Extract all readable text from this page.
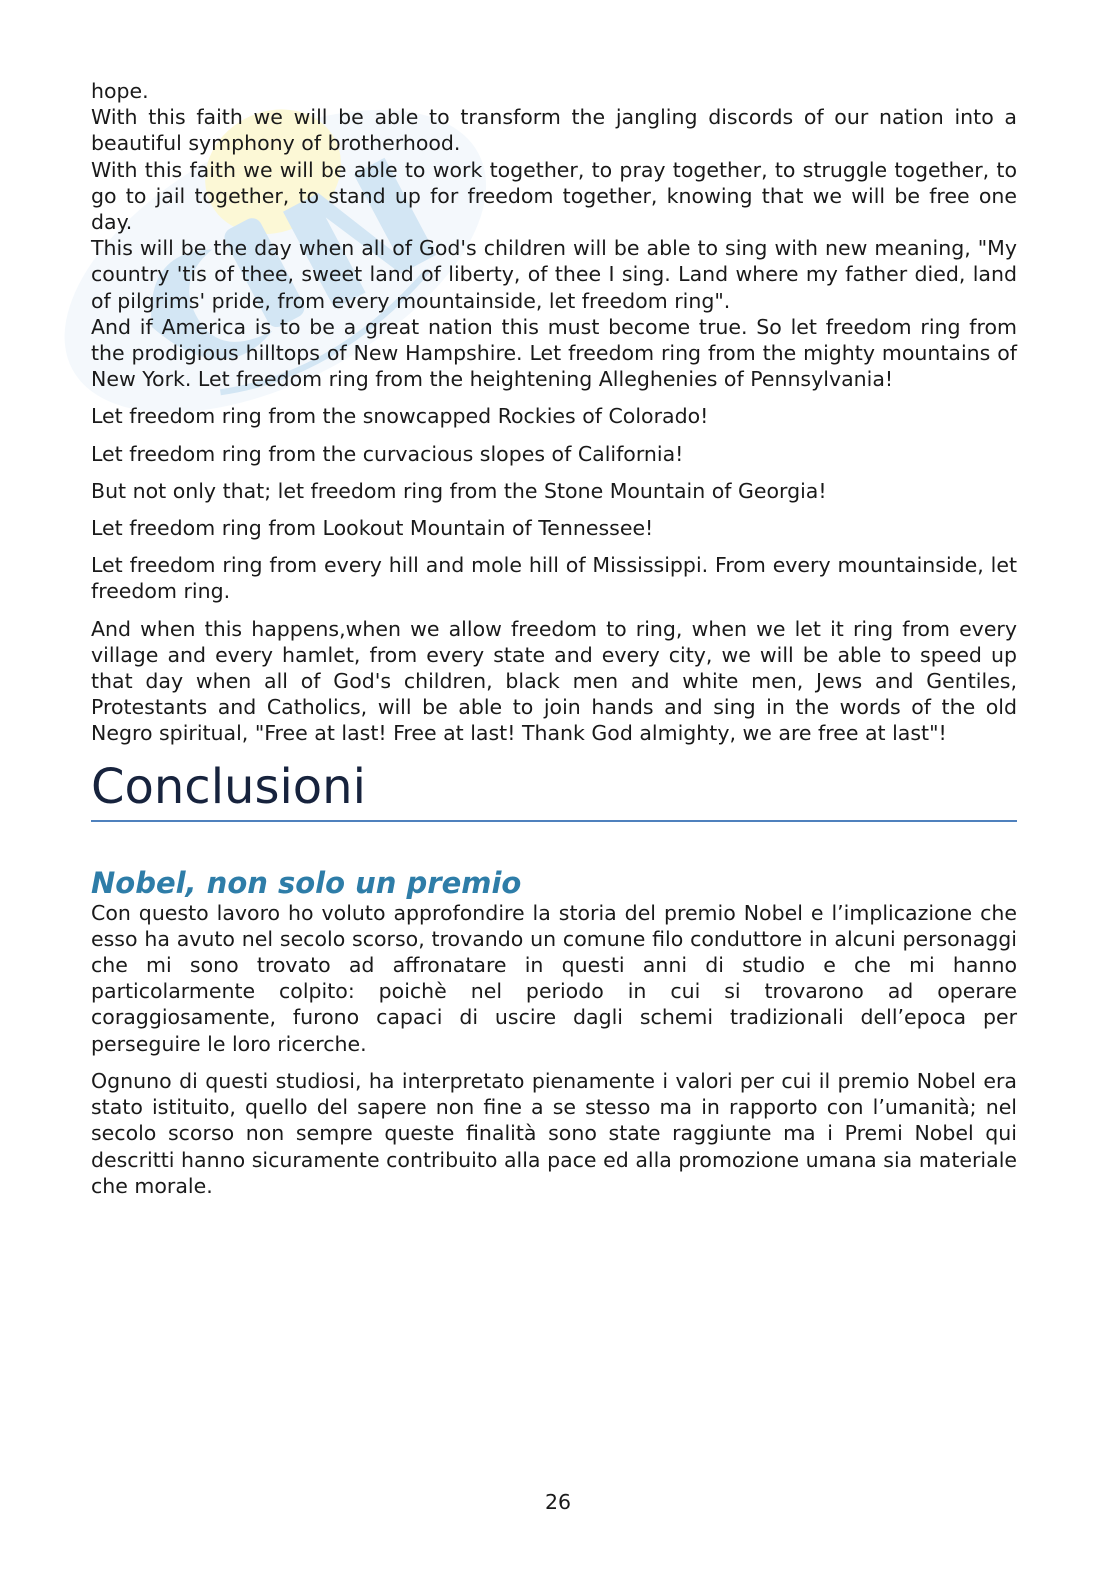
hope.

With this faith we will be able to transform the jangling discords of our nation into a beautiful symphony of brotherhood.

With this faith we will be able to work together, to pray together, to struggle together, to go to jail together, to stand up for freedom together, knowing that we will be free one day.

This will be the day when all of God's children will be able to sing with new meaning, "My country 'tis of thee, sweet land of liberty, of thee I sing. Land where my father died, land of pilgrims' pride, from every mountainside, let freedom ring".

And if America is to be a great nation this must become true. So let freedom ring from the prodigious hilltops of New Hampshire. Let freedom ring from the mighty mountains of New York. Let freedom ring from the heightening Alleghenies of Pennsylvania!

Let freedom ring from the snowcapped Rockies of Colorado!

Let freedom ring from the curvacious slopes of California!

But not only that; let freedom ring from the Stone Mountain of Georgia!

Let freedom ring from Lookout Mountain of Tennessee!

Let freedom ring from every hill and mole hill of Mississippi. From every mountainside, let freedom ring.

And when this happens,when we allow freedom to ring, when we let it ring from every village and every hamlet, from every state and every city, we will be able to speed up that day when all of God's children, black men and white men, Jews and Gentiles, Protestants and Catholics, will be able to join hands and sing in the words of the old Negro spiritual, "Free at last! Free at last! Thank God almighty, we are free at last"!

Conclusioni
Nobel, non solo un premio

Con questo lavoro ho voluto approfondire la storia del premio Nobel e l’implicazione che esso ha avuto nel secolo scorso, trovando un comune filo conduttore in alcuni personaggi che mi sono trovato ad affronatare in questi anni di studio e che mi hanno particolarmente colpito: poichè nel periodo in cui si trovarono ad operare coraggiosamente, furono capaci di uscire dagli schemi tradizionali dell’epoca per perseguire le loro ricerche.

Ognuno di questi studiosi, ha interpretato pienamente i valori per cui il premio Nobel era stato istituito, quello del sapere non fine a se stesso ma in rapporto con l’umanità; nel secolo scorso non sempre queste finalità sono state raggiunte ma i Premi Nobel qui descritti hanno sicuramente contribuito alla pace ed alla promozione umana sia materiale che morale.

26
